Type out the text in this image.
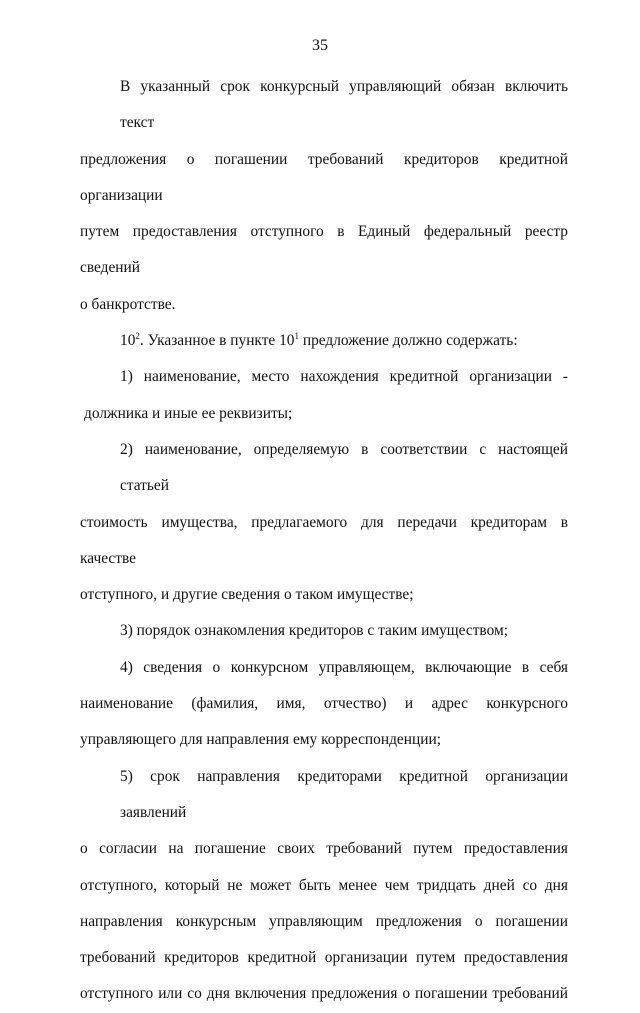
35
В указанный срок конкурсный управляющий обязан включить текст
предложения о погашении требований кредиторов кредитной организации
путем предоставления отступного в Единый федеральный реестр сведений
о банкротстве.
$10^2$. Указанное в пункте $10^1$ предложение должно содержать:
1) наименование, место нахождения кредитной организации -
должника и иные ее реквизиты;
2) наименование, определяемую в соответствии с настоящей статьей
стоимость имущества, предлагаемого для передачи кредиторам в качестве
отступного, и другие сведения о таком имуществе;
3) порядок ознакомления кредиторов с таким имуществом;
4) сведения о конкурсном управляющем, включающие в себя
наименование (фамилия, имя, отчество) и адрес конкурсного
управляющего для направления ему корреспонденции;
5) срок направления кредиторами кредитной организации заявлений
о согласии на погашение своих требований путем предоставления
отступного, который не может быть менее чем тридцать дней со дня
направления конкурсным управляющим предложения о погашении
требований кредиторов кредитной организации путем предоставления
отступного или со дня включения предложения о погашении требований
